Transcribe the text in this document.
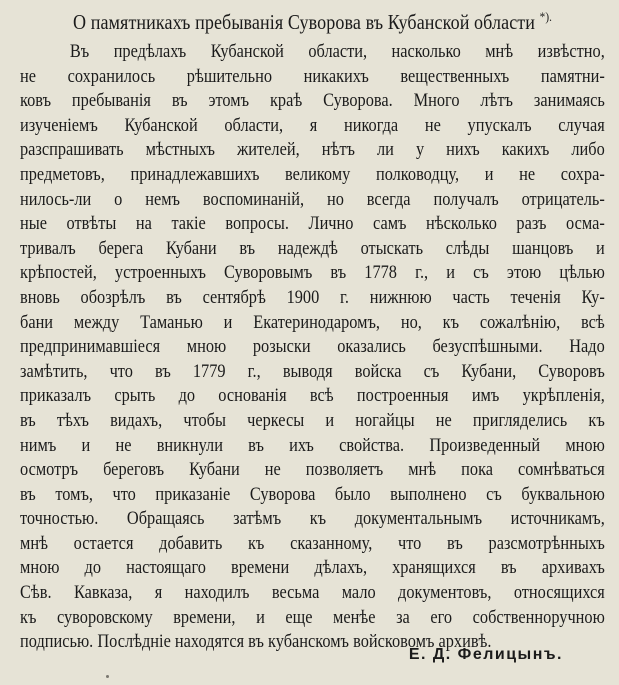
О памятникахъ пребыванія Суворова въ Кубанской области *).
Въ предѣлахъ Кубанской области, насколько мнѣ извѣстно,
не сохранилось рѣшительно никакихъ вещественныхъ памятни-
ковъ пребыванія въ этомъ краѣ Суворова. Много лѣтъ занимаясь
изученіемъ Кубанской области, я никогда не упускалъ случая
разспрашивать мѣстныхъ жителей, нѣтъ ли у нихъ какихъ либо
предметовъ, принадлежавшихъ великому полководцу, и не сохра-
нилось-ли о немъ воспоминаній, но всегда получалъ отрицатель-
ные отвѣты на такіе вопросы. Лично самъ нѣсколько разъ осма-
тривалъ берега Кубани въ надеждѣ отыскать слѣды шанцовъ и
крѣпостей, устроенныхъ Суворовымъ въ 1778 г., и съ этою цѣлью
вновь обозрѣлъ въ сентябрѣ 1900 г. нижнюю часть теченія Ку-
бани между Таманью и Екатеринодаромъ, но, къ сожалѣнію, всѣ
предпринимавшіеся мною розыски оказались безуспѣшными. Надо
замѣтить, что въ 1779 г., выводя войска съ Кубани, Суворовъ
приказалъ срыть до основанія всѣ построенныя имъ укрѣпленія,
въ тѣхъ видахъ, чтобы черкесы и ногайцы не пригляделись къ
нимъ и не вникнули въ ихъ свойства. Произведенный мною
осмотръ береговъ Кубани не позволяетъ мнѣ пока сомнѣваться
въ томъ, что приказаніе Суворова было выполнено съ буквальною
точностью. Обращаясь затѣмъ къ документальнымъ источникамъ,
мнѣ остается добавить къ сказанному, что въ разсмотрѣнныхъ
мною до настоящаго времени дѣлахъ, хранящихся въ архивахъ
Сѣв. Кавказа, я находилъ весьма мало документовъ, относящихся
къ суворовскому времени, и еще менѣе за его собственноручною
подписью. Послѣдніе находятся въ кубанскомъ войсковомъ архивѣ.
Е. Д. Фелицынъ.
